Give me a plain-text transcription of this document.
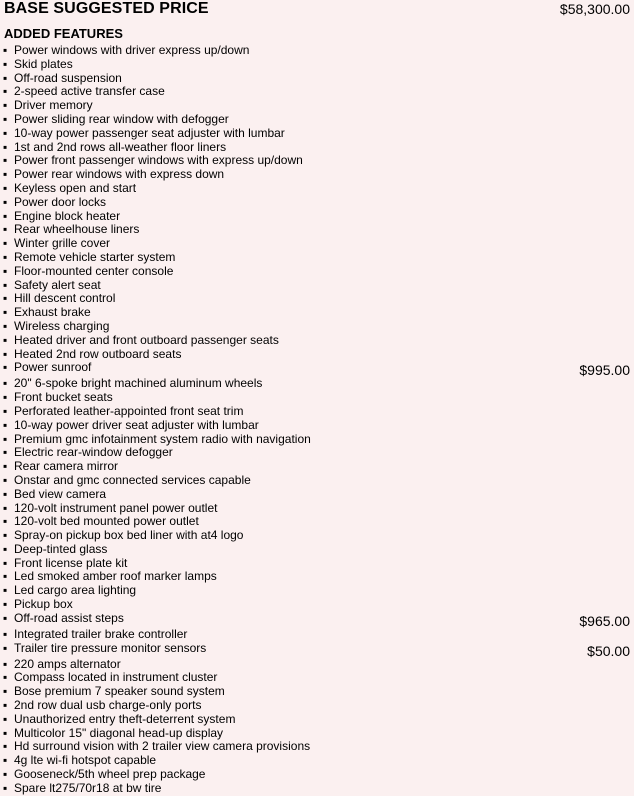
BASE SUGGESTED PRICE	$58,300.00
ADDED FEATURES
▪ Power windows with driver express up/down
▪ Skid plates
▪ Off-road suspension
▪ 2-speed active transfer case
▪ Driver memory
▪ Power sliding rear window with defogger
▪ 10-way power passenger seat adjuster with lumbar
▪ 1st and 2nd rows all-weather floor liners
▪ Power front passenger windows with express up/down
▪ Power rear windows with express down
▪ Keyless open and start
▪ Power door locks
▪ Engine block heater
▪ Rear wheelhouse liners
▪ Winter grille cover
▪ Remote vehicle starter system
▪ Floor-mounted center console
▪ Safety alert seat
▪ Hill descent control
▪ Exhaust brake
▪ Wireless charging
▪ Heated driver and front outboard passenger seats
▪ Heated 2nd row outboard seats
▪ Power sunroof	$995.00
▪ 20" 6-spoke bright machined aluminum wheels
▪ Front bucket seats
▪ Perforated leather-appointed front seat trim
▪ 10-way power driver seat adjuster with lumbar
▪ Premium gmc infotainment system radio with navigation
▪ Electric rear-window defogger
▪ Rear camera mirror
▪ Onstar and gmc connected services capable
▪ Bed view camera
▪ 120-volt instrument panel power outlet
▪ 120-volt bed mounted power outlet
▪ Spray-on pickup box bed liner with at4 logo
▪ Deep-tinted glass
▪ Front license plate kit
▪ Led smoked amber roof marker lamps
▪ Led cargo area lighting
▪ Pickup box
▪ Off-road assist steps	$965.00
▪ Integrated trailer brake controller
▪ Trailer tire pressure monitor sensors	$50.00
▪ 220 amps alternator
▪ Compass located in instrument cluster
▪ Bose premium 7 speaker sound system
▪ 2nd row dual usb charge-only ports
▪ Unauthorized entry theft-deterrent system
▪ Multicolor 15" diagonal head-up display
▪ Hd surround vision with 2 trailer view camera provisions
▪ 4g lte wi-fi hotspot capable
▪ Gooseneck/5th wheel prep package
▪ Spare lt275/70r18 at bw tire
